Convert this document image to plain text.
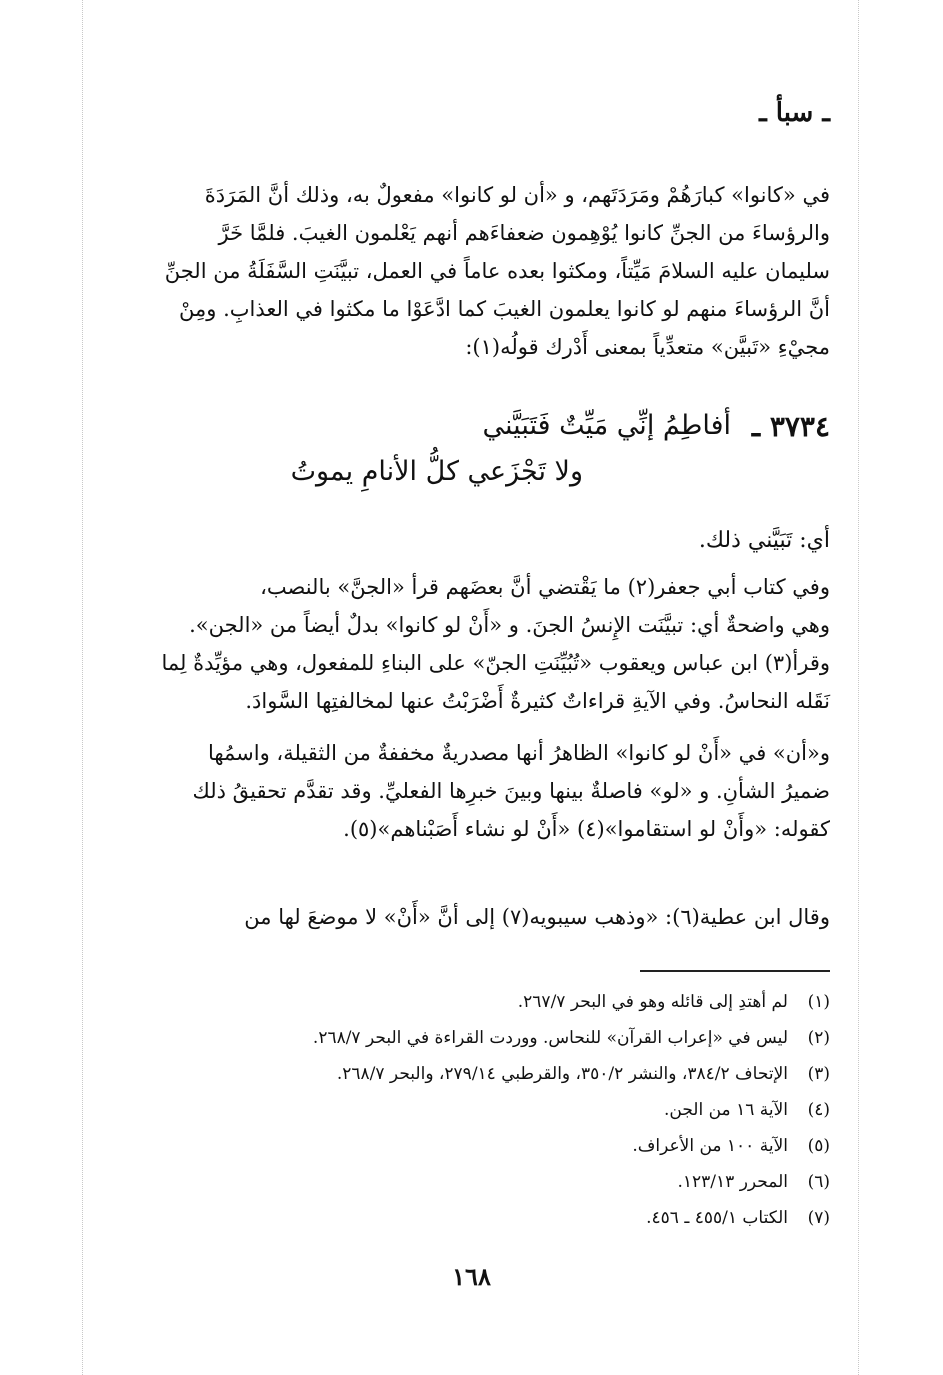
ـ سبأ ـ
في «كانوا» كبارَهُمْ ومَرَدَتَهم، و «أن لو كانوا» مفعولٌ به، وذلك أنَّ المَرَدَةَ
والرؤساءَ من الجنِّ كانوا يُوْهِمون ضعفاءَهم أنهم يَعْلمون الغيبَ. فلمَّا خَرَّ
سليمان عليه السلامَ مَيِّتاً، ومكثوا بعده عاماً في العمل، تبيَّنَتِ السَّفَلَةُ من الجنِّ
أنَّ الرؤساءَ منهم لو كانوا يعلمون الغيبَ كما ادَّعَوْا ما مكثوا في العذابِ. ومِنْ
مجيْءِ «تَبيَّن» متعدِّياً بمعنى أَدْرك قولُه(١):
٣٧٣٤ ـ
أفاطِمُ إنِّي مَيِّتٌ فَتَبَيَّني
ولا تَجْزَعي كلُّ الأنامِ يموتُ
أي: تَبَيَّني ذلك.
وفي كتاب أبي جعفر(٢) ما يَقْتضي أنَّ بعضَهم قرأ «الجنَّ» بالنصب،
وهي واضحةٌ أي: تبيَّنَت الإِنسُ الجنَ. و «أَنْ لو كانوا» بدلٌ أيضاً من «الجن».
وقرأ(٣) ابن عباس ويعقوب «تُبُيِّنَتِ الجنّ» على البناءِ للمفعول، وهي مؤيِّدةٌ لِما
نَقَله النحاسُ. وفي الآيةِ قراءاتٌ كثيرةٌ أَضْرَبْتُ عنها لمخالفتِها السَّوادَ.
و«أن» في «أَنْ لو كانوا» الظاهرُ أنها مصدريةٌ مخففةٌ من الثقيلة، واسمُها
ضميرُ الشأنِ. و «لو» فاصلةٌ بينها وبينَ خبرِها الفعليِّ. وقد تقدَّم تحقيقُ ذلك
كقوله: «وأَنْ لو استقاموا»(٤) «أَنْ لو نشاء أَصَبْناهم»(٥).
وقال ابن عطية(٦): «وذهب سيبويه(٧) إلى أنَّ «أَنْ» لا موضعَ لها من
(١)
لم أهتدِ إلى قائله وهو في البحر ٢٦٧/٧.
(٢)
ليس في «إعراب القرآن» للنحاس. ووردت القراءة في البحر ٢٦٨/٧.
(٣)
الإتحاف ٣٨٤/٢، والنشر ٣٥٠/٢، والقرطبي ٢٧٩/١٤، والبحر ٢٦٨/٧.
(٤)
الآية ١٦ من الجن.
(٥)
الآية ١٠٠ من الأعراف.
(٦)
المحرر ١٢٣/١٣.
(٧)
الكتاب ٤٥٥/١ ـ ٤٥٦.
١٦٨
